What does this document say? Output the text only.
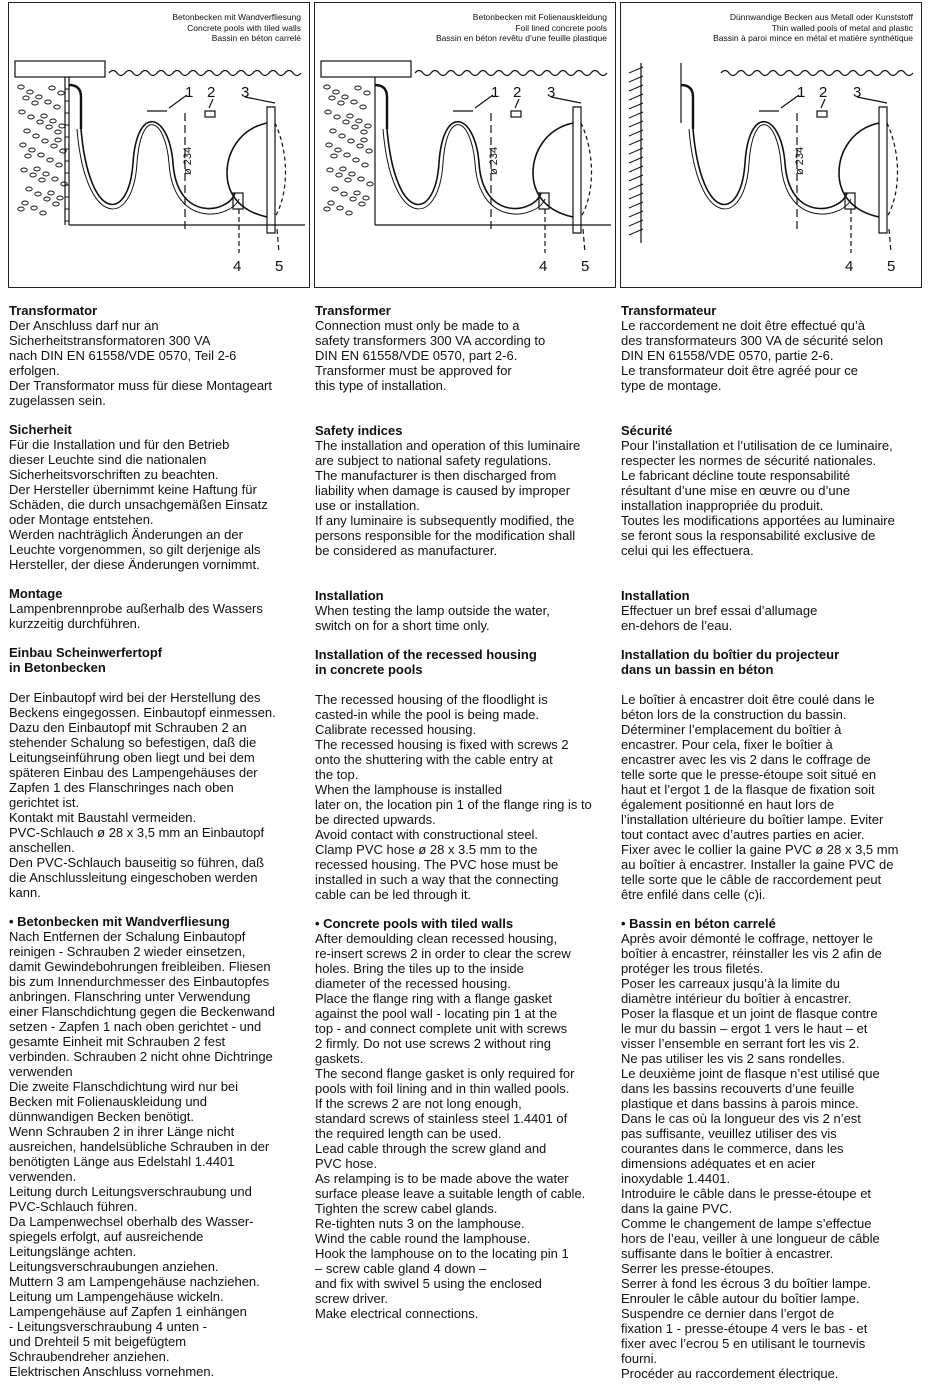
Betonbecken mit Wandverfliesung
Concrete pools with tiled walls
Bassin en béton carrelé
1 2 3
4 5
ø 234
Betonbecken mit Folienauskleidung
Foil lined concrete pools
Bassin en béton revêtu d’une feuille plastique
1 2 3
4 5
ø 234
Dünnwandige Becken aus Metall oder Kunststoff
Thin walled pools of metal and plastic
Bassin à paroi mince en métal et matière synthétique
1 2 3
4 5
ø 234
Transformator

Der Anschluss darf nur an
Sicherheitstransformatoren 300 VA
nach DIN EN 61558/VDE 0570, Teil 2-6
erfolgen.
Der Transformator muss für diese Montageart
zugelassen sein.

Sicherheit

Für die Installation und für den Betrieb
dieser Leuchte sind die nationalen
Sicherheitsvorschriften zu beachten.
Der Hersteller übernimmt keine Haftung für
Schäden, die durch unsachgemäßen Einsatz
oder Montage entstehen.
Werden nachträglich Änderungen an der
Leuchte vorgenommen, so gilt derjenige als
Hersteller, der diese Änderungen vornimmt.

Montage

Lampenbrennprobe außerhalb des Wassers
kurzzeitig durchführen.

Einbau Scheinwerfertopf
in Betonbecken

Der Einbautopf wird bei der Herstellung des
Beckens eingegossen. Einbautopf einmessen.
Dazu den Einbautopf mit Schrauben 2 an
stehender Schalung so befestigen, daß die
Leitungseinführung oben liegt und bei dem
späteren Einbau des Lampengehäuses der
Zapfen 1 des Flanschringes nach oben
gerichtet ist.
Kontakt mit Baustahl vermeiden.
PVC-Schlauch ø 28 x 3,5 mm an Einbautopf
anschellen.
Den PVC-Schlauch bauseitig so führen, daß
die Anschlussleitung eingeschoben werden
kann.

• Betonbecken mit Wandverfliesung

Nach Entfernen der Schalung Einbautopf
reinigen - Schrauben 2 wieder einsetzen,
damit Gewindebohrungen freibleiben. Fliesen
bis zum Innendurchmesser des Einbautopfes
anbringen. Flanschring unter Verwendung
einer Flanschdichtung gegen die Beckenwand
setzen - Zapfen 1 nach oben gerichtet - und
gesamte Einheit mit Schrauben 2 fest
verbinden. Schrauben 2 nicht ohne Dichtringe
verwenden
Die zweite Flanschdichtung wird nur bei
Becken mit Folienauskleidung und
dünnwandigen Becken benötigt.
Wenn Schrauben 2 in ihrer Länge nicht
ausreichen, handelsübliche Schrauben in der
benötigten Länge aus Edelstahl 1.4401
verwenden.
Leitung durch Leitungsverschraubung und
PVC-Schlauch führen.
Da Lampenwechsel oberhalb des Wasser-
spiegels erfolgt, auf ausreichende
Leitungslänge achten.
Leitungsverschraubungen anziehen.
Muttern 3 am Lampengehäuse nachziehen.
Leitung um Lampengehäuse wickeln.
Lampengehäuse auf Zapfen 1 einhängen
- Leitungsverschraubung 4 unten -
und Drehteil 5 mit beigefügtem
Schraubendreher anziehen.
Elektrischen Anschluss vornehmen.

Transformer

Connection must only be made to a
safety transformers 300 VA according to
DIN EN 61558/VDE 0570, part 2-6.
Transformer must be approved for
this type of installation.

Safety indices

The installation and operation of this luminaire
are subject to national safety regulations.
The manufacturer is then discharged from
liability when damage is caused by improper
use or installation.
If any luminaire is subsequently modified, the
persons responsible for the modification shall
be considered as manufacturer.

Installation

When testing the lamp outside the water,
switch on for a short time only.

Installation of the recessed housing
in concrete pools

The recessed housing of the floodlight is
casted-in while the pool is being made.
Calibrate recessed housing.
The recessed housing is fixed with screws 2
onto the shuttering with the cable entry at
the top.
When the lamphouse is installed
later on, the location pin 1 of the flange ring is to
be directed upwards.
Avoid contact with constructional steel.
Clamp PVC hose ø 28 x 3.5 mm to the
recessed housing. The PVC hose must be
installed in such a way that the connecting
cable can be led through it.

• Concrete pools with tiled walls

After demoulding clean recessed housing,
re-insert screws 2 in order to clear the screw
holes. Bring the tiles up to the inside
diameter of the recessed housing.
Place the flange ring with a flange gasket
against the pool wall - locating pin 1 at the
top - and connect complete unit with screws
2 firmly. Do not use screws 2 without ring
gaskets.
The second flange gasket is only required for
pools with foil lining and in thin walled pools.
If the screws 2 are not long enough,
standard screws of stainless steel 1.4401 of
the required length can be used.
Lead cable through the screw gland and
PVC hose.
As relamping is to be made above the water
surface please leave a suitable length of cable.
Tighten the screw cabel glands.
Re-tighten nuts 3 on the lamphouse.
Wind the cable round the lamphouse.
Hook the lamphouse on to the locating pin 1
– screw cable gland 4 down –
and fix with swivel 5 using the enclosed
screw driver.
Make electrical connections.

Transformateur

Le raccordement ne doit être effectué qu’à
des transformateurs 300 VA de sécurité selon
DIN EN 61558/VDE 0570, partie 2-6.
Le transformateur doit être agréé pour ce
type de montage.

Sécurité

Pour l’installation et l’utilisation de ce luminaire,
respecter les normes de sécurité nationales.
Le fabricant décline toute responsabilité
résultant d’une mise en œuvre ou d’une
installation inappropriée du produit.
Toutes les modifications apportées au luminaire
se feront sous la responsabilité exclusive de
celui qui les effectuera.

Installation

Effectuer un bref essai d’allumage
en-dehors de l’eau.

Installation du boîtier du projecteur
dans un bassin en béton

Le boîtier à encastrer doit être coulé dans le
béton lors de la construction du bassin.
Déterminer l’emplacement du boîtier à
encastrer. Pour cela, fixer le boîtier à
encastrer avec les vis 2 dans le coffrage de
telle sorte que le presse-étoupe soit situé en
haut et l’ergot 1 de la flasque de fixation soit
également positionné en haut lors de
l’installation ultérieure du boîtier lampe. Eviter
tout contact avec d’autres parties en acier.
Fixer avec le collier la gaine PVC ø 28 x 3,5 mm
au boîtier à encastrer. Installer la gaine PVC de
telle sorte que le câble de raccordement peut
être enfilé dans celle (c)i.

• Bassin en béton carrelé

Après avoir démonté le coffrage, nettoyer le
boîtier à encastrer, réinstaller les vis 2 afin de
protéger les trous filetés.
Poser les carreaux jusqu’à la limite du
diamètre intérieur du boîtier à encastrer.
Poser la flasque et un joint de flasque contre
le mur du bassin – ergot 1 vers le haut – et
visser l’ensemble en serrant fort les vis 2.
Ne pas utiliser les vis 2 sans rondelles.
Le deuxième joint de flasque n’est utilisé que
dans les bassins recouverts d’une feuille
plastique et dans bassins à parois mince.
Dans le cas où la longueur des vis 2 n’est
pas suffisante, veuillez utiliser des vis
courantes dans le commerce, dans les
dimensions adéquates et en acier
inoxydable 1.4401.
Introduire le câble dans le presse-étoupe et
dans la gaine PVC.
Comme le changement de lampe s’effectue
hors de l’eau, veiller à une longueur de câble
suffisante dans le boîtier à encastrer.
Serrer les presse-étoupes.
Serrer à fond les écrous 3 du boîtier lampe.
Enrouler le câble autour du boîtier lampe.
Suspendre ce dernier dans l’ergot de
fixation 1 - presse-étoupe 4 vers le bas - et
fixer avec l’ecrou 5 en utilisant le tournevis
fourni.
Procéder au raccordement électrique.
